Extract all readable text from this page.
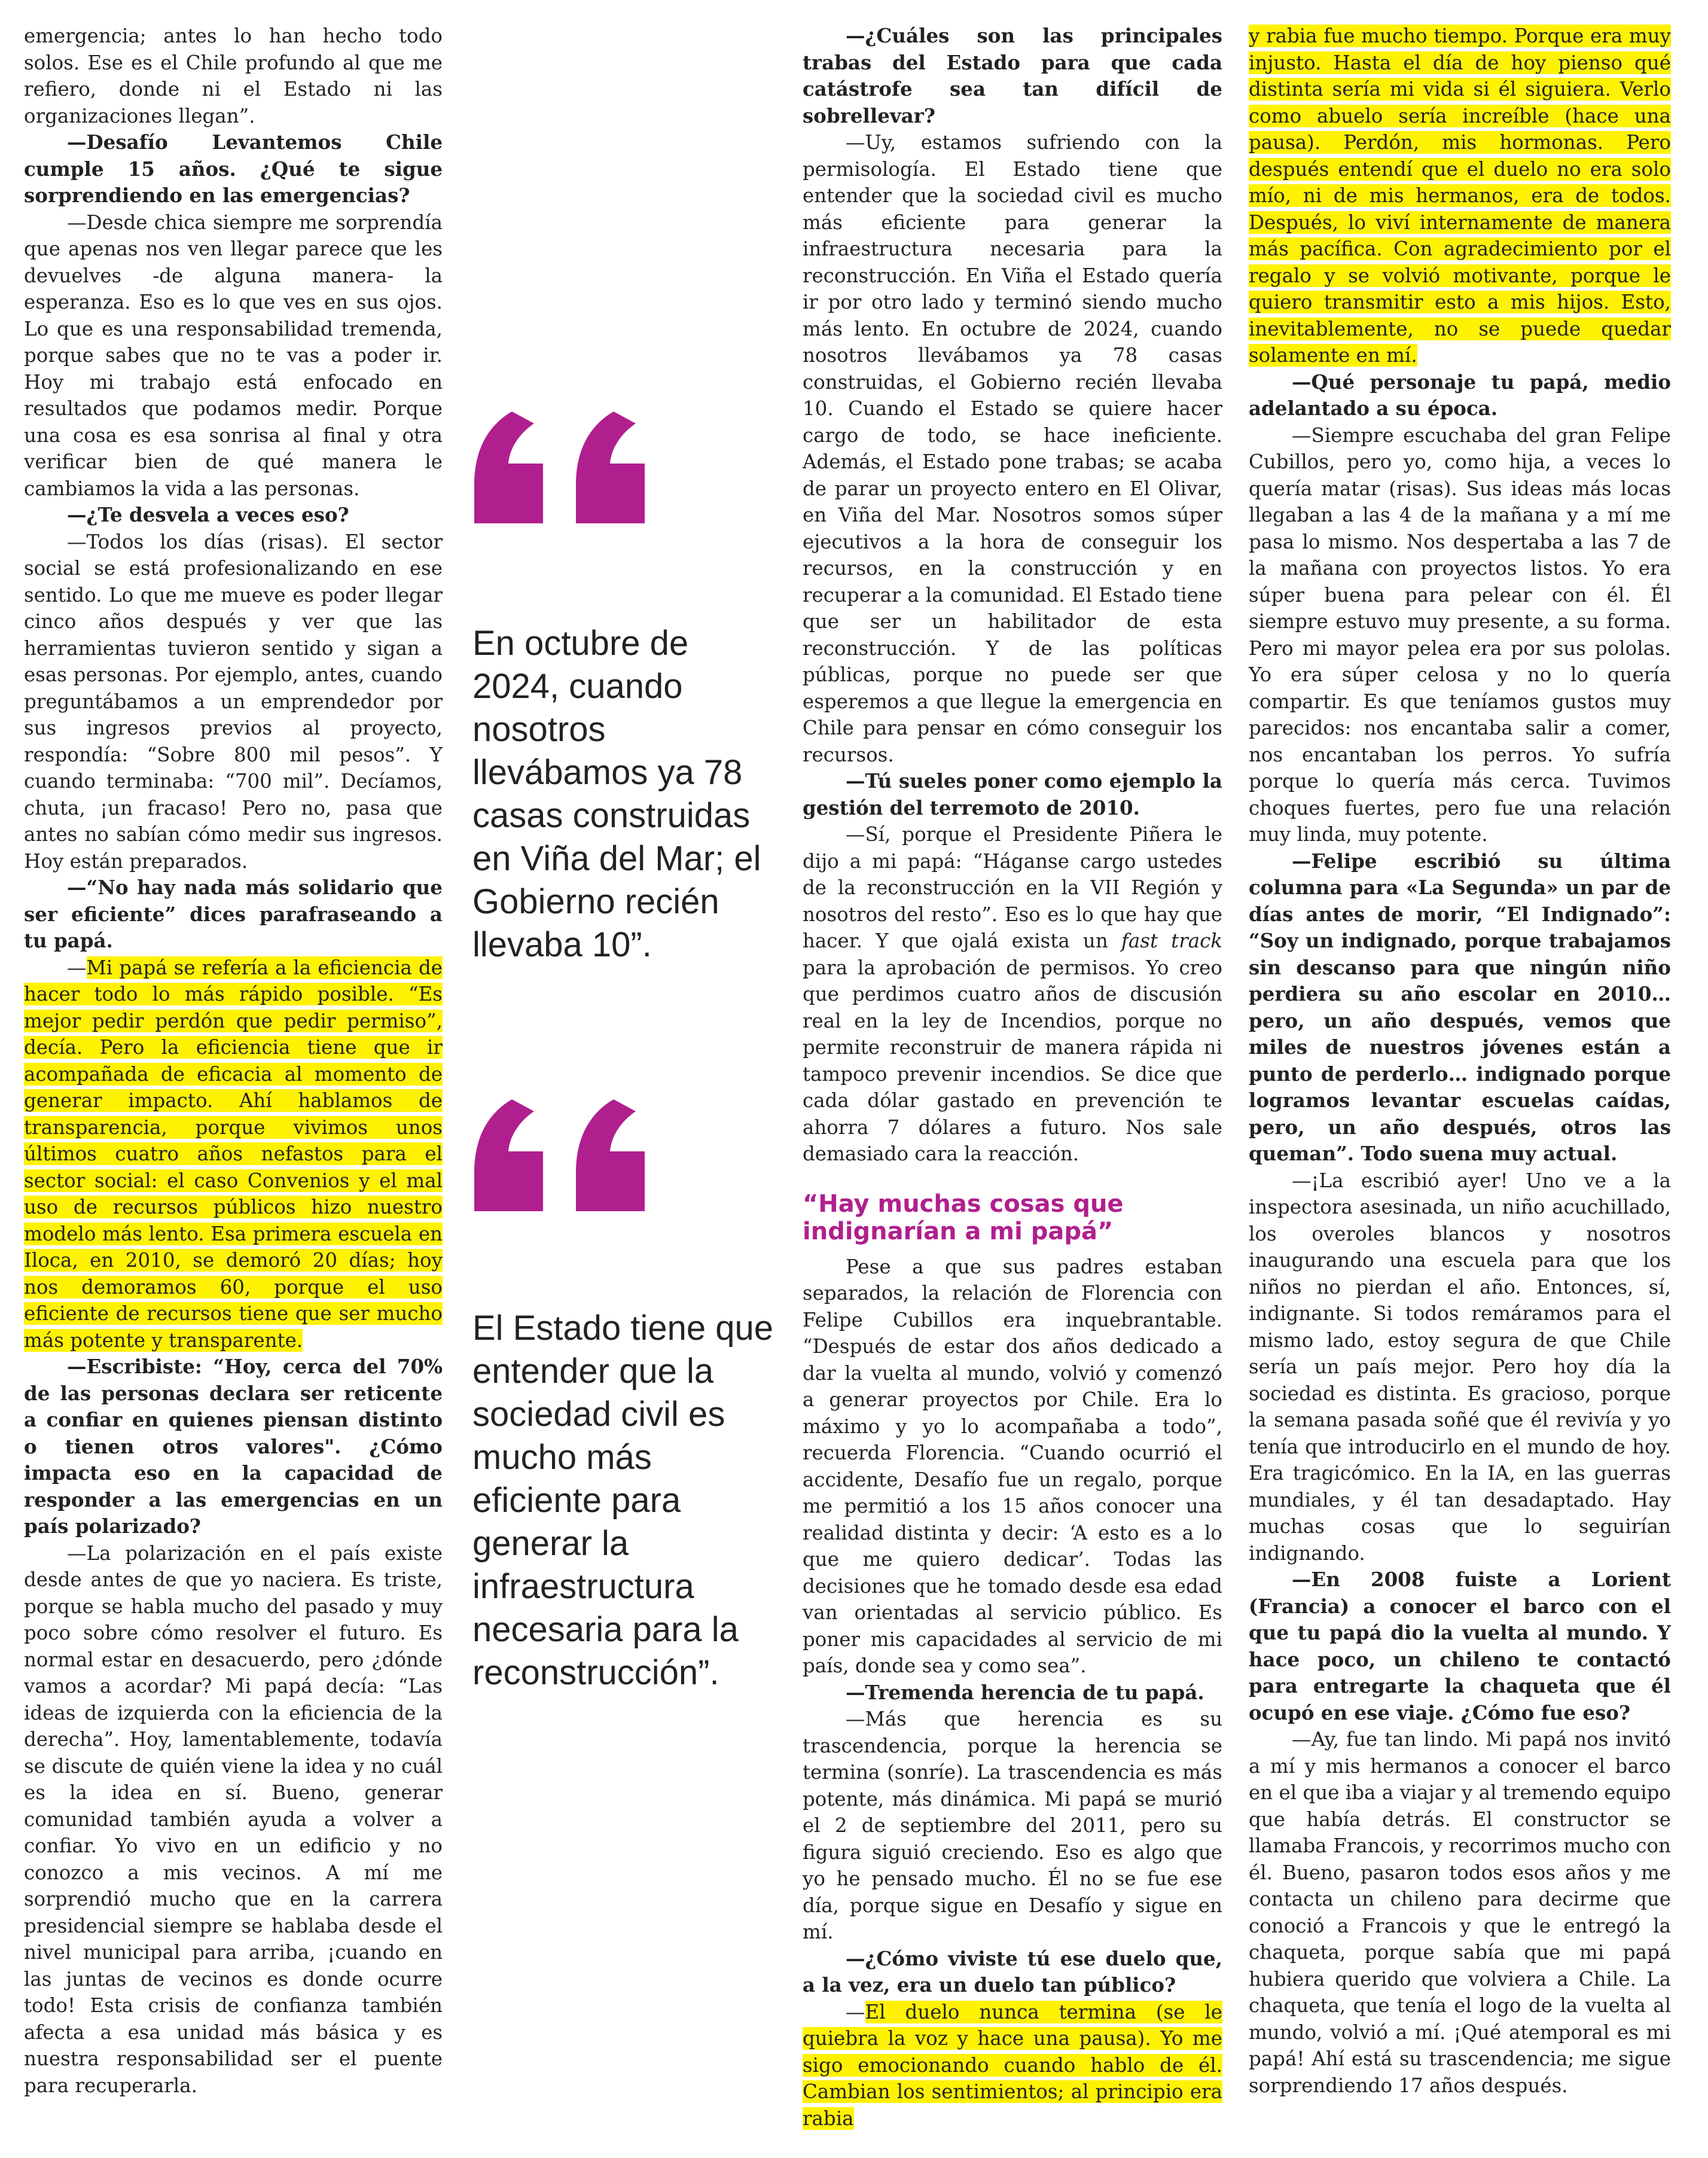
emergencia; antes lo han hecho todo solos. Ese es el Chile profundo al que me refiero, donde ni el Estado ni las organizaciones llegan”.

—Desafío Levantemos Chile cumple 15 años. ¿Qué te sigue sorprendiendo en las emergencias?

—Desde chica siempre me sorprendía que apenas nos ven llegar parece que les devuelves -de alguna manera- la esperanza. Eso es lo que ves en sus ojos. Lo que es una responsabilidad tremenda, porque sabes que no te vas a poder ir. Hoy mi trabajo está enfocado en resultados que podamos medir. Porque una cosa es esa sonrisa al final y otra verificar bien de qué manera le cambiamos la vida a las personas.

—¿Te desvela a veces eso?

—Todos los días (risas). El sector social se está profesionalizando en ese sentido. Lo que me mueve es poder llegar cinco años después y ver que las herramientas tuvieron sentido y sigan a esas personas. Por ejemplo, antes, cuando preguntábamos a un emprendedor por sus ingresos previos al proyecto, respondía: “Sobre 800 mil pesos”. Y cuando terminaba: “700 mil”. Decíamos, chuta, ¡un fracaso! Pero no, pasa que antes no sabían cómo medir sus ingresos. Hoy están preparados.

—“No hay nada más solidario que ser eficiente” dices parafraseando a tu papá.

—Mi papá se refería a la eficiencia de hacer todo lo más rápido posible. “Es mejor pedir perdón que pedir permiso”, decía. Pero la eficiencia tiene que ir acompañada de eficacia al momento de generar impacto. Ahí hablamos de transparencia, porque vivimos unos últimos cuatro años nefastos para el sector social: el caso Convenios y el mal uso de recursos públicos hizo nuestro modelo más lento. Esa primera escuela en Iloca, en 2010, se demoró 20 días; hoy nos demoramos 60, porque el uso eficiente de recursos tiene que ser mucho más potente y transparente.

—Escribiste: “Hoy, cerca del 70% de las personas declara ser reticente a confiar en quienes piensan distinto o tienen otros valores". ¿Cómo impacta eso en la capacidad de responder a las emergencias en un país polarizado?

—La polarización en el país existe desde antes de que yo naciera. Es triste, porque se habla mucho del pasado y muy poco sobre cómo resolver el futuro. Es normal estar en desacuerdo, pero ¿dónde vamos a acordar? Mi papá decía: “Las ideas de izquierda con la eficiencia de la derecha”. Hoy, lamentablemente, todavía se discute de quién viene la idea y no cuál es la idea en sí. Bueno, generar comunidad también ayuda a volver a confiar. Yo vivo en un edificio y no conozco a mis vecinos. A mí me sorprendió mucho que en la carrera presidencial siempre se hablaba desde el nivel municipal para arriba, ¡cuando en las juntas de vecinos es donde ocurre todo! Esta crisis de confianza también afecta a esa unidad más básica y es nuestra responsabilidad ser el puente para recuperarla.

En octubre de 2024, cuando nosotros llevábamos ya 78 casas construidas en Viña del Mar; el Gobierno recién llevaba 10”.
El Estado tiene que entender que la sociedad civil es mucho más eficiente para generar la infraestructura necesaria para la reconstrucción”.

—¿Cuáles son las principales trabas del Estado para que cada catástrofe sea tan difícil de sobrellevar?

—Uy, estamos sufriendo con la permisología. El Estado tiene que entender que la sociedad civil es mucho más eficiente para generar la infraestructura necesaria para la reconstrucción. En Viña el Estado quería ir por otro lado y terminó siendo mucho más lento. En octubre de 2024, cuando nosotros llevábamos ya 78 casas construidas, el Gobierno recién llevaba 10. Cuando el Estado se quiere hacer cargo de todo, se hace ineficiente. Además, el Estado pone trabas; se acaba de parar un proyecto entero en El Olivar, en Viña del Mar. Nosotros somos súper ejecutivos a la hora de conseguir los recursos, en la construcción y en recuperar a la comunidad. El Estado tiene que ser un habilitador de esta reconstrucción. Y de las políticas públicas, porque no puede ser que esperemos a que llegue la emergencia en Chile para pensar en cómo conseguir los recursos.

—Tú sueles poner como ejemplo la gestión del terremoto de 2010.

—Sí, porque el Presidente Piñera le dijo a mi papá: “Háganse cargo ustedes de la reconstrucción en la VII Región y nosotros del resto”. Eso es lo que hay que hacer. Y que ojalá exista un fast track para la aprobación de permisos. Yo creo que perdimos cuatro años de discusión real en la ley de Incendios, porque no permite reconstruir de manera rápida ni tampoco prevenir incendios. Se dice que cada dólar gastado en prevención te ahorra 7 dólares a futuro. Nos sale demasiado cara la reacción.

“Hay muchas cosas que indignarían a mi papá”

Pese a que sus padres estaban separados, la relación de Florencia con Felipe Cubillos era inquebrantable. “Después de estar dos años dedicado a dar la vuelta al mundo, volvió y comenzó a generar proyectos por Chile. Era lo máximo y yo lo acompañaba a todo”, recuerda Florencia. “Cuando ocurrió el accidente, Desafío fue un regalo, porque me permitió a los 15 años conocer una realidad distinta y decir: ‘A esto es a lo que me quiero dedicar’. Todas las decisiones que he tomado desde esa edad van orientadas al servicio público. Es poner mis capacidades al servicio de mi país, donde sea y como sea”.

—Tremenda herencia de tu papá.

—Más que herencia es su trascendencia, porque la herencia se termina (sonríe). La trascendencia es más potente, más dinámica. Mi papá se murió el 2 de septiembre del 2011, pero su figura siguió creciendo. Eso es algo que yo he pensado mucho. Él no se fue ese día, porque sigue en Desafío y sigue en mí.

—¿Cómo viviste tú ese duelo que, a la vez, era un duelo tan público?

—El duelo nunca termina (se le quiebra la voz y hace una pausa). Yo me sigo emocionando cuando hablo de él. Cambian los sentimientos; al principio era rabia

y rabia fue mucho tiempo. Porque era muy injusto. Hasta el día de hoy pienso qué distinta sería mi vida si él siguiera. Verlo como abuelo sería increíble (hace una pausa). Perdón, mis hormonas. Pero después entendí que el duelo no era solo mío, ni de mis hermanos, era de todos. Después, lo viví internamente de manera más pacífica. Con agradecimiento por el regalo y se volvió motivante, porque le quiero transmitir esto a mis hijos. Esto, inevitablemente, no se puede quedar solamente en mí.

—Qué personaje tu papá, medio adelantado a su época.

—Siempre escuchaba del gran Felipe Cubillos, pero yo, como hija, a veces lo quería matar (risas). Sus ideas más locas llegaban a las 4 de la mañana y a mí me pasa lo mismo. Nos despertaba a las 7 de la mañana con proyectos listos. Yo era súper buena para pelear con él. Él siempre estuvo muy presente, a su forma. Pero mi mayor pelea era por sus pololas. Yo era súper celosa y no lo quería compartir. Es que teníamos gustos muy parecidos: nos encantaba salir a comer, nos encantaban los perros. Yo sufría porque lo quería más cerca. Tuvimos choques fuertes, pero fue una relación muy linda, muy potente.

—Felipe escribió su última columna para «La Segunda» un par de días antes de morir, “El Indignado”: “Soy un indignado, porque trabajamos sin descanso para que ningún niño perdiera su año escolar en 2010… pero, un año después, vemos que miles de nuestros jóvenes están a punto de perderlo… indignado porque logramos levantar escuelas caídas, pero, un año después, otros las queman”. Todo suena muy actual.

—¡La escribió ayer! Uno ve a la inspectora asesinada, un niño acuchillado, los overoles blancos y nosotros inaugurando una escuela para que los niños no pierdan el año. Entonces, sí, indignante. Si todos remáramos para el mismo lado, estoy segura de que Chile sería un país mejor. Pero hoy día la sociedad es distinta. Es gracioso, porque la semana pasada soñé que él revivía y yo tenía que introducirlo en el mundo de hoy. Era tragicómico. En la IA, en las guerras mundiales, y él tan desadaptado. Hay muchas cosas que lo seguirían indignando.

—En 2008 fuiste a Lorient (Francia) a conocer el barco con el que tu papá dio la vuelta al mundo. Y hace poco, un chileno te contactó para entregarte la chaqueta que él ocupó en ese viaje. ¿Cómo fue eso?

—Ay, fue tan lindo. Mi papá nos invitó a mí y mis hermanos a conocer el barco en el que iba a viajar y al tremendo equipo que había detrás. El constructor se llamaba Francois, y recorrimos mucho con él. Bueno, pasaron todos esos años y me contacta un chileno para decirme que conoció a Francois y que le entregó la chaqueta, porque sabía que mi papá hubiera querido que volviera a Chile. La chaqueta, que tenía el logo de la vuelta al mundo, volvió a mí. ¡Qué atemporal es mi papá! Ahí está su trascendencia; me sigue sorprendiendo 17 años después.
